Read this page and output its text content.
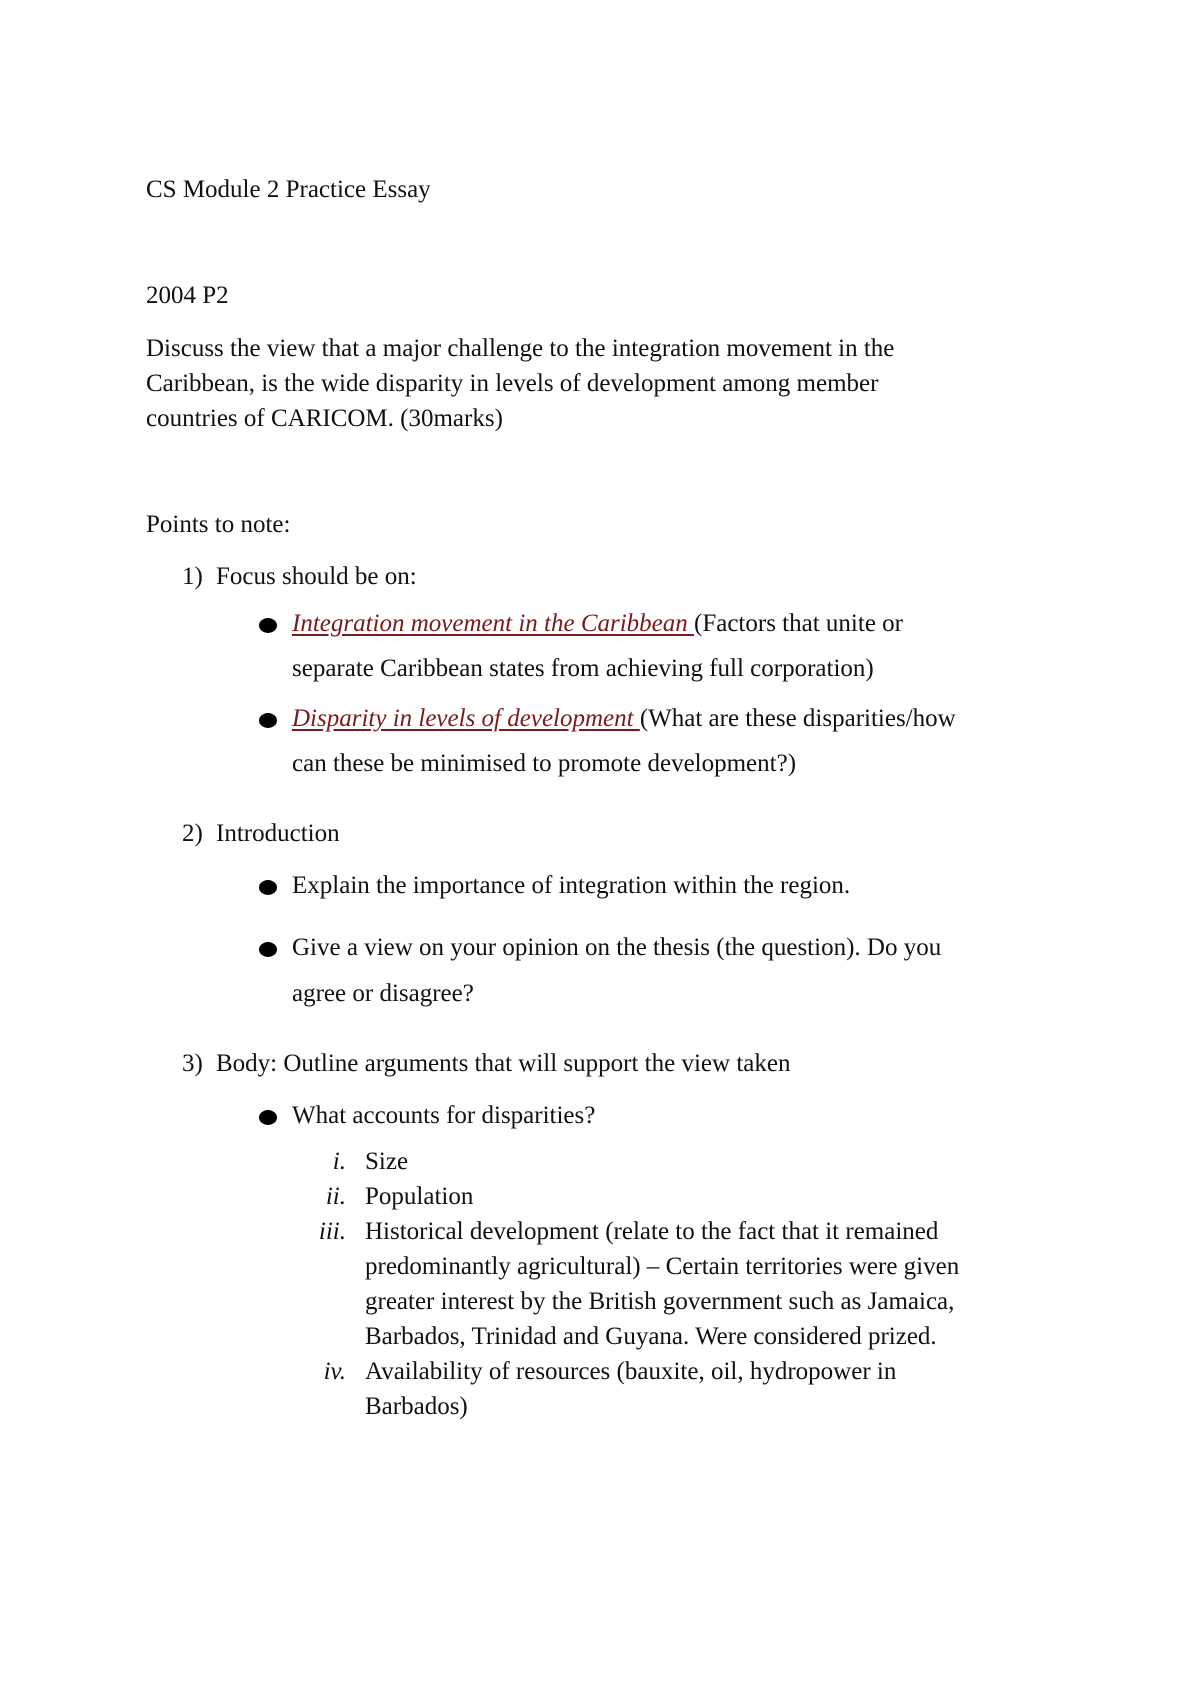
CS Module 2 Practice Essay
2004 P2
Discuss the view that a major challenge to the integration movement in the
Caribbean, is the wide disparity in levels of development among member
countries of CARICOM. (30marks)
Points to note:
1) Focus should be on:
Integration movement in the Caribbean (Factors that unite or
separate Caribbean states from achieving full corporation)
Disparity in levels of development (What are these disparities/how
can these be minimised to promote development?)
2) Introduction
Explain the importance of integration within the region.
Give a view on your opinion on the thesis (the question). Do you
agree or disagree?
3) Body: Outline arguments that will support the view taken
What accounts for disparities?
i. Size
ii. Population
iii. Historical development (relate to the fact that it remained
predominantly agricultural) – Certain territories were given
greater interest by the British government such as Jamaica,
Barbados, Trinidad and Guyana. Were considered prized.
iv. Availability of resources (bauxite, oil, hydropower in
Barbados)
